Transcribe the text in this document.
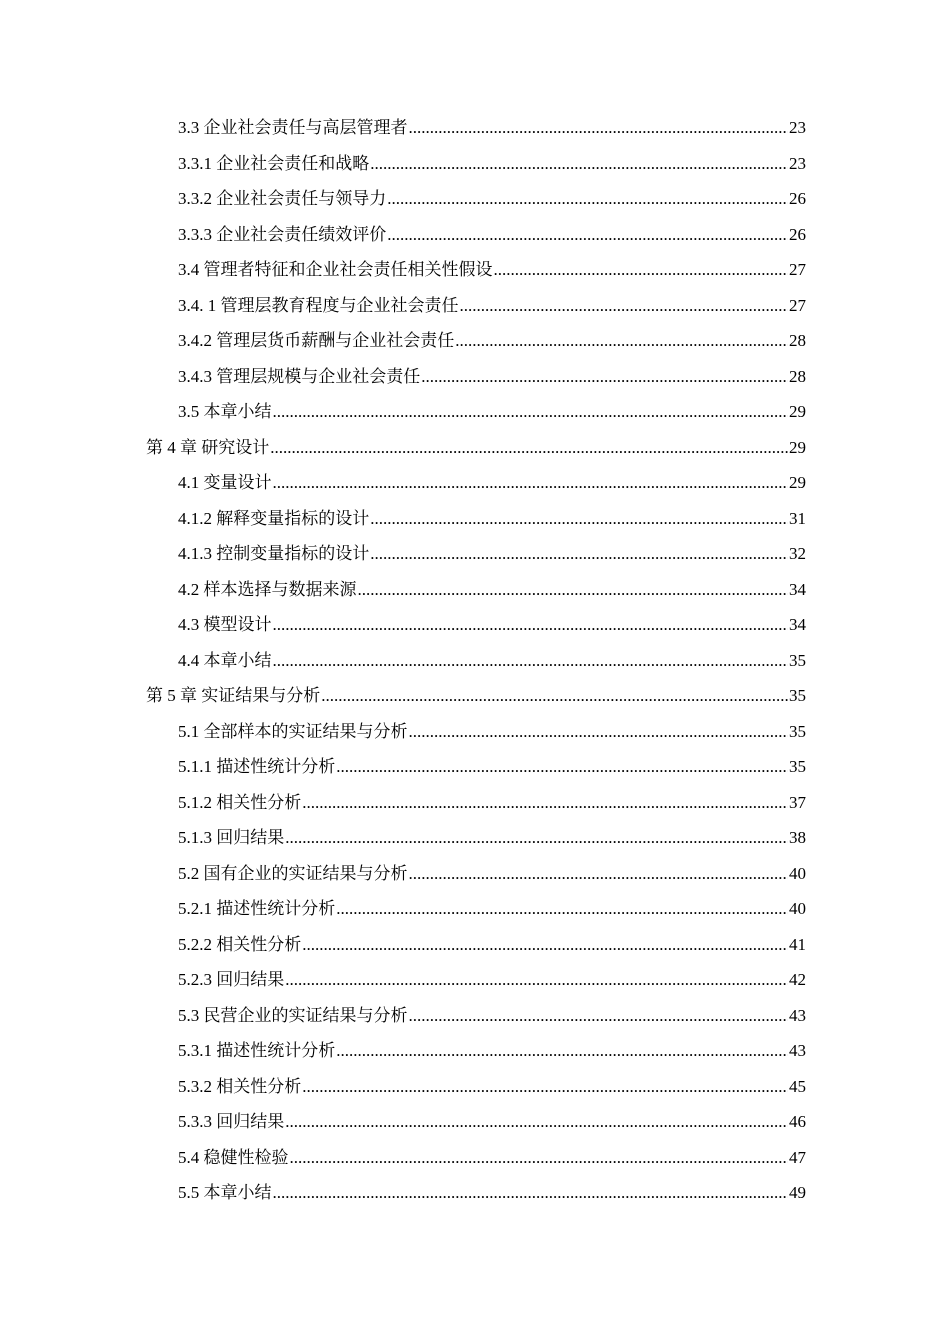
3.3 企业社会责任与高层管理者 .....	23
3.3.1 企业社会责任和战略 .....	23
3.3.2 企业社会责任与领导力 .....	26
3.3.3 企业社会责任绩效评价 .....	26
3.4 管理者特征和企业社会责任相关性假设 .....	27
3.4. 1 管理层教育程度与企业社会责任 .....	27
3.4.2 管理层货币薪酬与企业社会责任 .....	28
3.4.3 管理层规模与企业社会责任 .....	28
3.5 本章小结 .....	29
第 4 章 研究设计 .....	29
4.1 变量设计 .....	29
4.1.2 解释变量指标的设计 .....	31
4.1.3 控制变量指标的设计 .....	32
4.2 样本选择与数据来源 .....	34
4.3 模型设计 .....	34
4.4 本章小结 .....	35
第 5 章 实证结果与分析 .....	35
5.1 全部样本的实证结果与分析 .....	35
5.1.1 描述性统计分析 .....	35
5.1.2 相关性分析 .....	37
5.1.3 回归结果 .....	38
5.2 国有企业的实证结果与分析 .....	40
5.2.1 描述性统计分析 .....	40
5.2.2 相关性分析 .....	41
5.2.3 回归结果 .....	42
5.3 民营企业的实证结果与分析 .....	43
5.3.1 描述性统计分析 .....	43
5.3.2 相关性分析 .....	45
5.3.3 回归结果 .....	46
5.4 稳健性检验 .....	47
5.5 本章小结 .....	49
